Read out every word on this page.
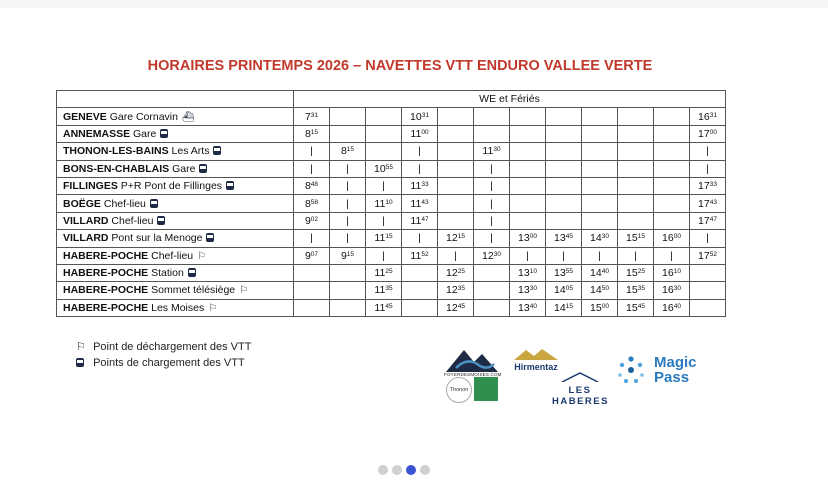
HORAIRES PRINTEMPS 2026 – NAVETTES VTT ENDURO VALLEE VERTE
	WE et Fériés											
GENEVE Gare Cornavin ⛴	$7^{31}$			$10^{31}$								$16^{31}$
ANNEMASSE Gare	$8^{15}$			$11^{00}$								$17^{00}$
THONON-LES-BAINS Les Arts	|	$8^{15}$		|		$11^{30}$						|
BONS-EN-CHABLAIS Gare	|	|	$10^{55}$	|		|						|
FILLINGES P+R Pont de Fillinges	$8^{48}$	|	|	$11^{33}$		|						$17^{33}$
BOËGE Chef-lieu	$8^{58}$	|	$11^{10}$	$11^{43}$		|						$17^{43}$
VILLARD Chef-lieu	$9^{02}$	|	|	$11^{47}$		|						$17^{47}$
VILLARD Pont sur la Menoge	|	|	$11^{15}$	|	$12^{15}$	|	$13^{00}$	$13^{45}$	$14^{30}$	$15^{15}$	$16^{00}$	|
HABERE-POCHE Chef-lieu ⚐	$9^{07}$	$9^{15}$	|	$11^{52}$	|	$12^{30}$	|	|	|	|	|	$17^{52}$
HABERE-POCHE Station			$11^{25}$		$12^{25}$		$13^{10}$	$13^{55}$	$14^{40}$	$15^{25}$	$16^{10}$	
HABERE-POCHE Sommet télésiège ⚐			$11^{35}$		$12^{35}$		$13^{30}$	$14^{05}$	$14^{50}$	$15^{35}$	$16^{30}$	
HABERE-POCHE Les Moises ⚐			$11^{45}$		$12^{45}$		$13^{40}$	$14^{15}$	$15^{00}$	$15^{45}$	$16^{40}$	
⚐ Point de déchargement des VTT
Points de chargement des VTT
FOYERDESMOISES.COM
Thonon
Hirmentaz
LES HABERES
Magic Pass
